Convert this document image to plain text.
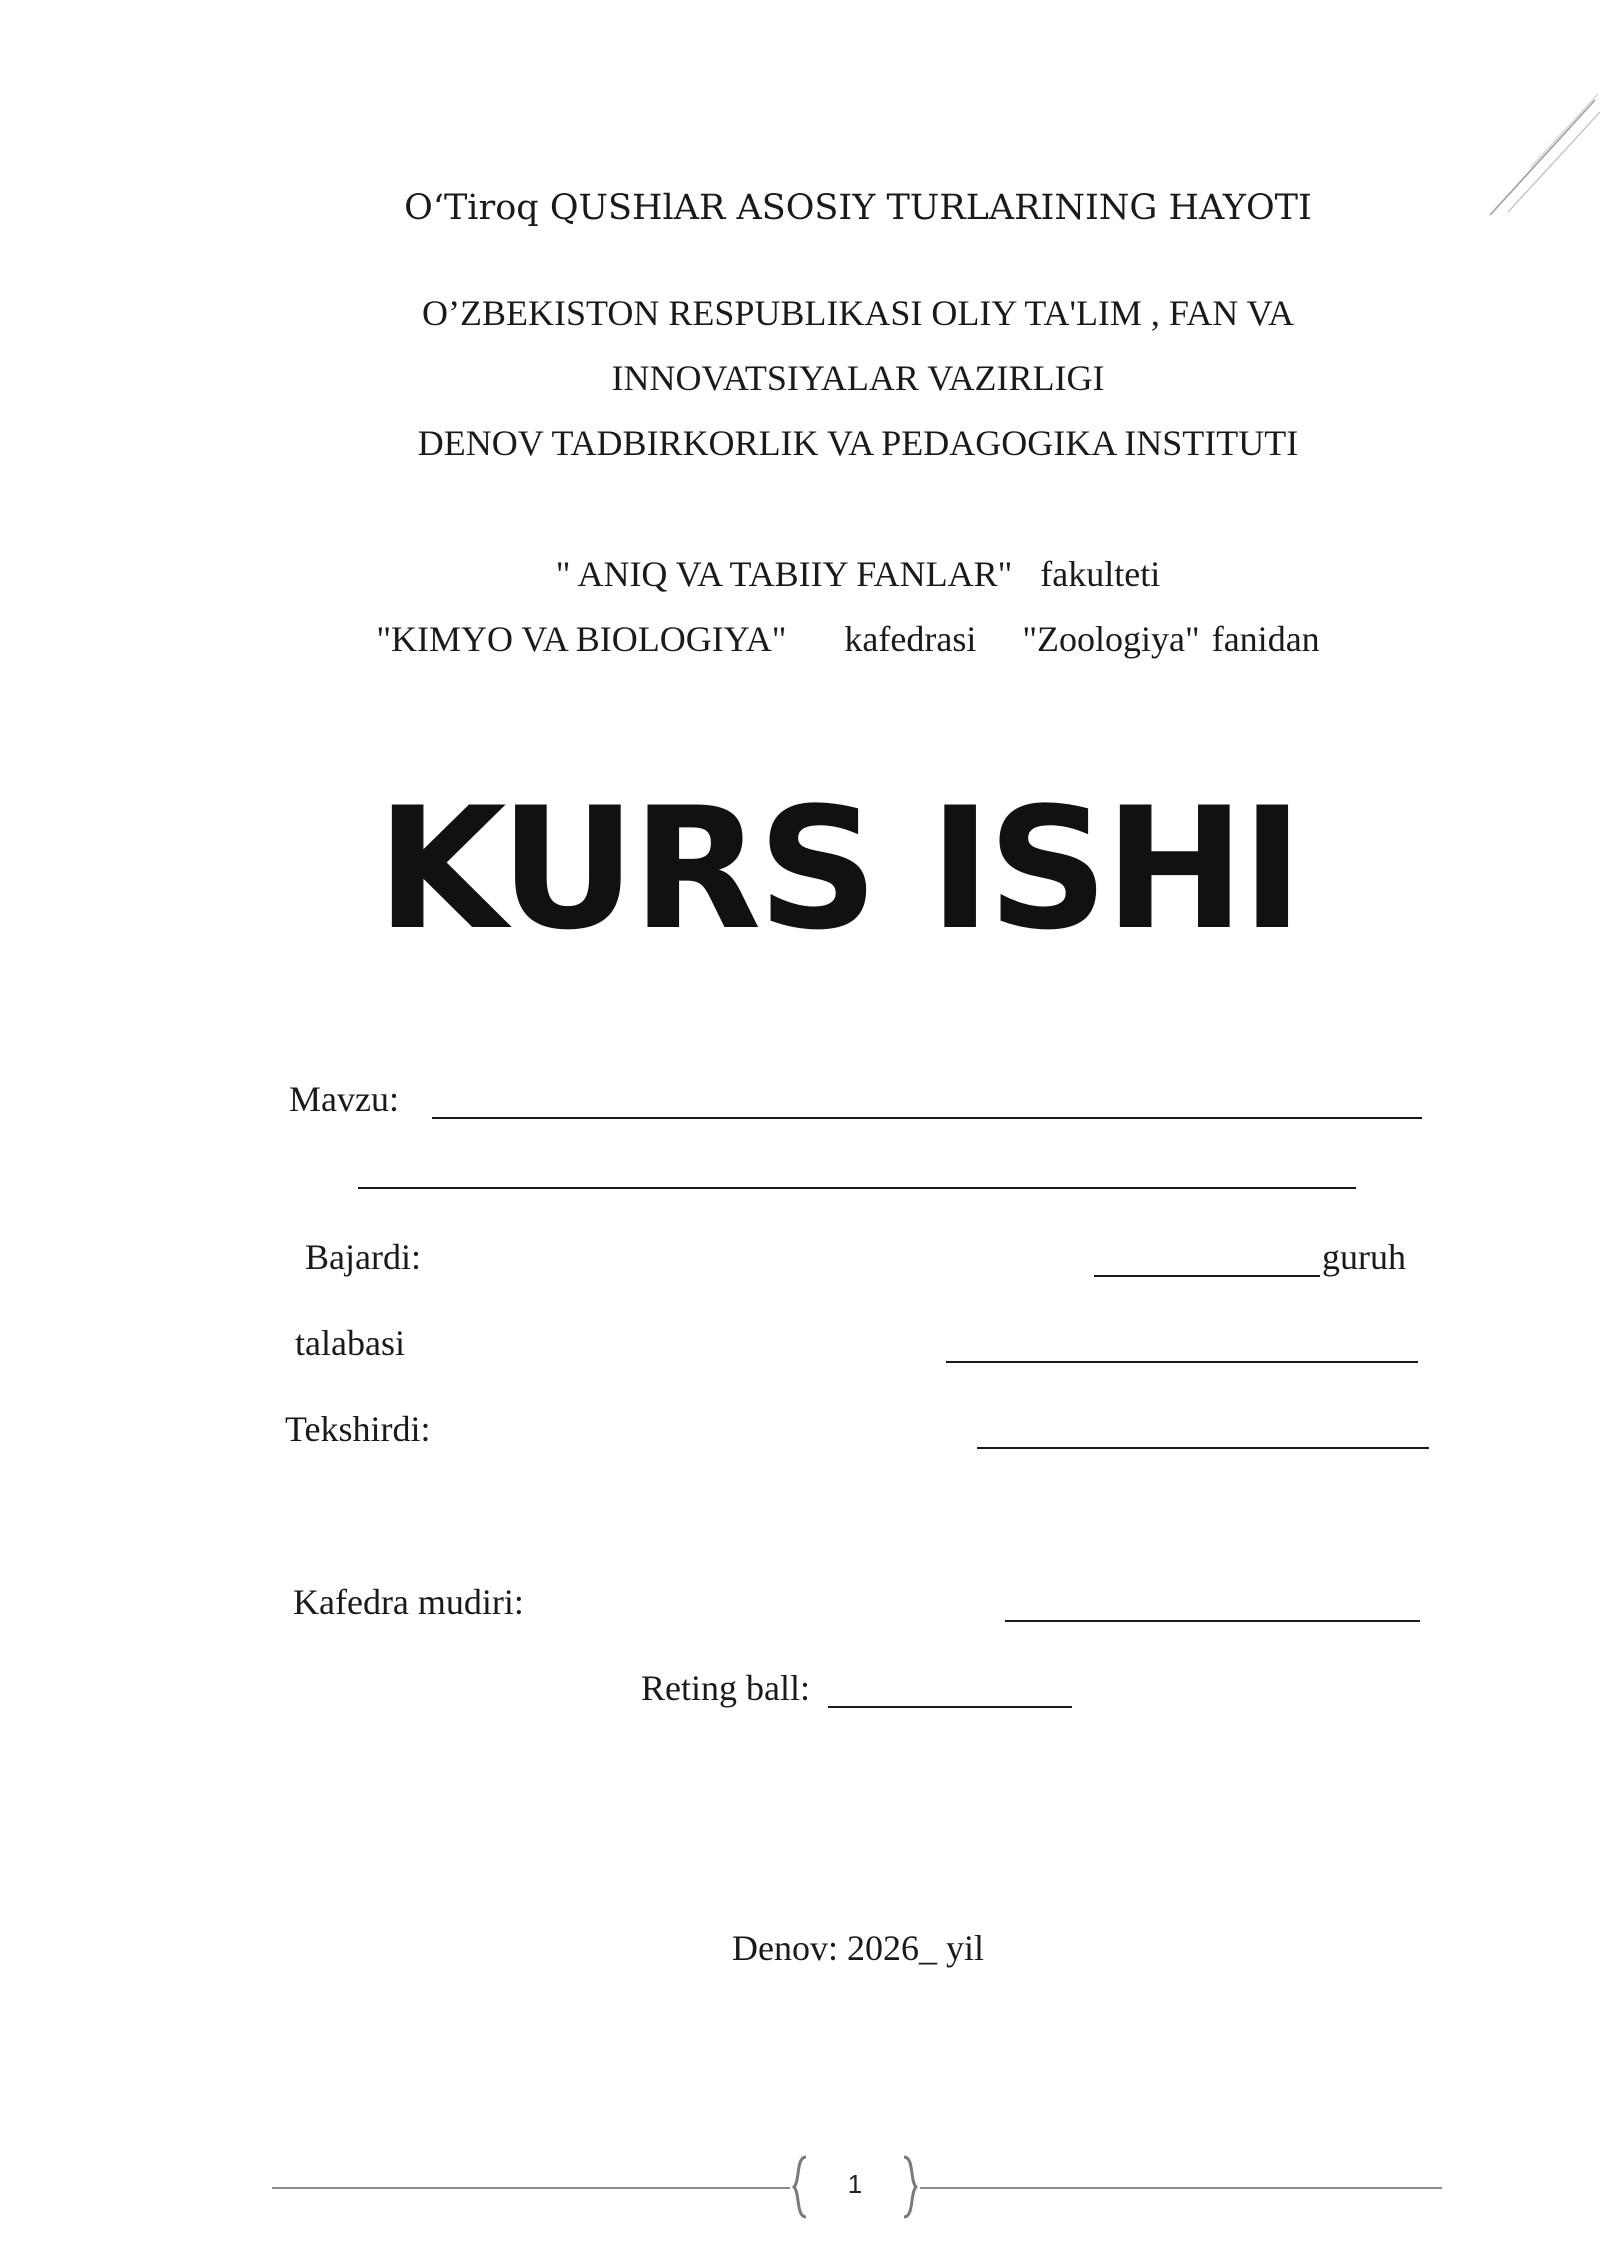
O‘Tiroq QUSHlAR ASOSIY TURLARINING HAYOTI
O’ZBEKISTON RESPUBLIKASI OLIY TA'LIM , FAN VA
INNOVATSIYALAR VAZIRLIGI
DENOV TADBIRKORLIK VA PEDAGOGIKA INSTITUTI
" ANIQ VA TABIIY FANLAR" fakulteti
"KIMYO VA BIOLOGIYA" kafedrasi "Zoologiya" fanidan
KURS ISHI
Mavzu:
Bajardi:	guruh
talabasi
Tekshirdi:
Kafedra mudiri:
Reting ball:
Denov: 2026_ yil
1
